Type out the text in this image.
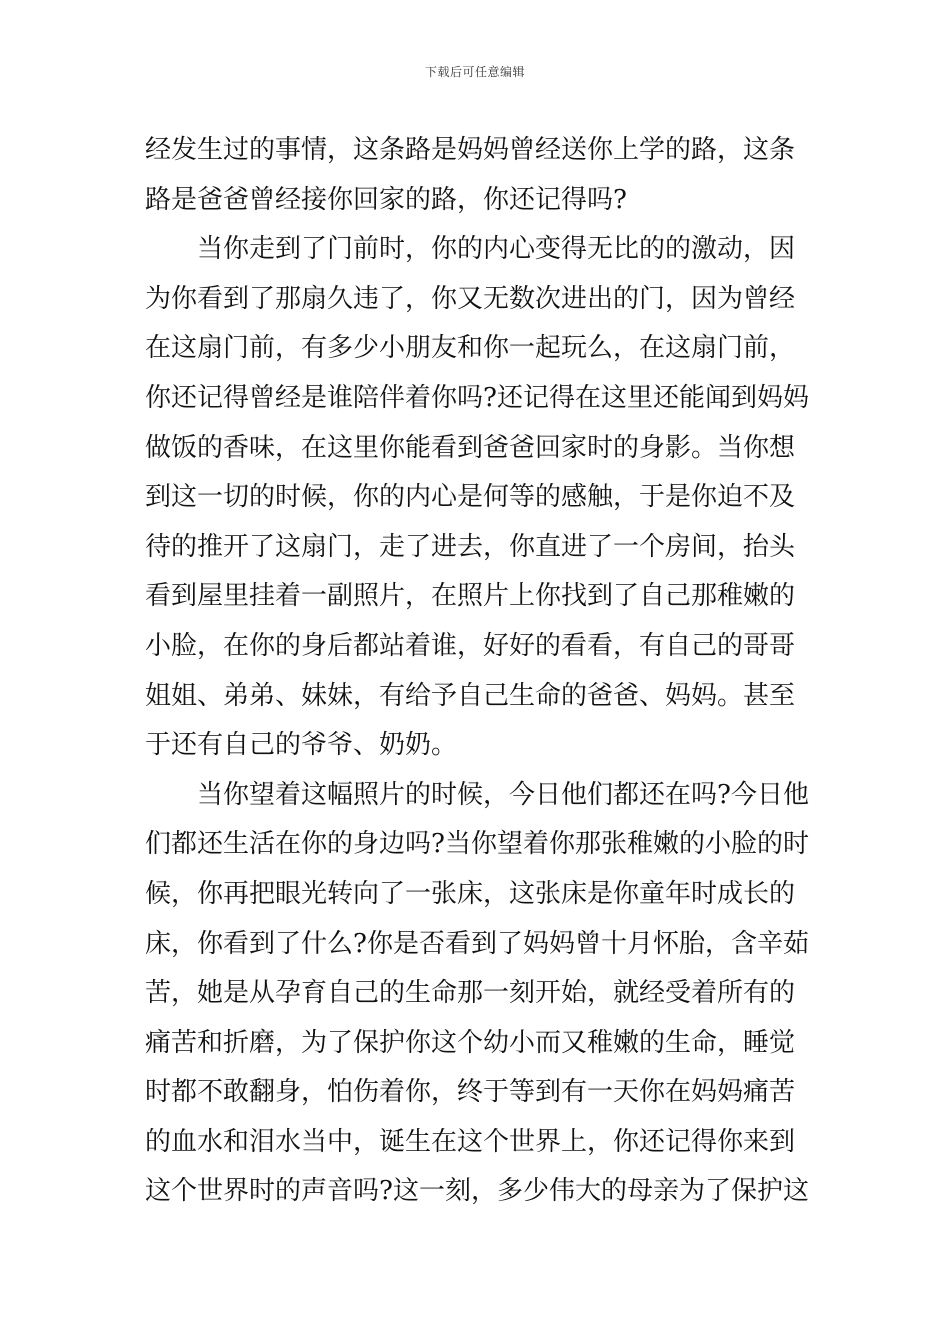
下载后可任意编辑
经发生过的事情，这条路是妈妈曾经送你上学的路，这条
路是爸爸曾经接你回家的路，你还记得吗?
当你走到了门前时，你的内心变得无比的的激动，因
为你看到了那扇久违了，你又无数次进出的门，因为曾经
在这扇门前，有多少小朋友和你一起玩么，在这扇门前，
你还记得曾经是谁陪伴着你吗?还记得在这里还能闻到妈妈
做饭的香味，在这里你能看到爸爸回家时的身影。当你想
到这一切的时候，你的内心是何等的感触，于是你迫不及
待的推开了这扇门，走了进去，你直进了一个房间，抬头
看到屋里挂着一副照片，在照片上你找到了自己那稚嫩的
小脸，在你的身后都站着谁，好好的看看，有自己的哥哥
姐姐、弟弟、妹妹，有给予自己生命的爸爸、妈妈。甚至
于还有自己的爷爷、奶奶。
当你望着这幅照片的时候，今日他们都还在吗?今日他
们都还生活在你的身边吗?当你望着你那张稚嫩的小脸的时
候，你再把眼光转向了一张床，这张床是你童年时成长的
床，你看到了什么?你是否看到了妈妈曾十月怀胎，含辛茹
苦，她是从孕育自己的生命那一刻开始，就经受着所有的
痛苦和折磨，为了保护你这个幼小而又稚嫩的生命，睡觉
时都不敢翻身，怕伤着你，终于等到有一天你在妈妈痛苦
的血水和泪水当中，诞生在这个世界上，你还记得你来到
这个世界时的声音吗?这一刻，多少伟大的母亲为了保护这
